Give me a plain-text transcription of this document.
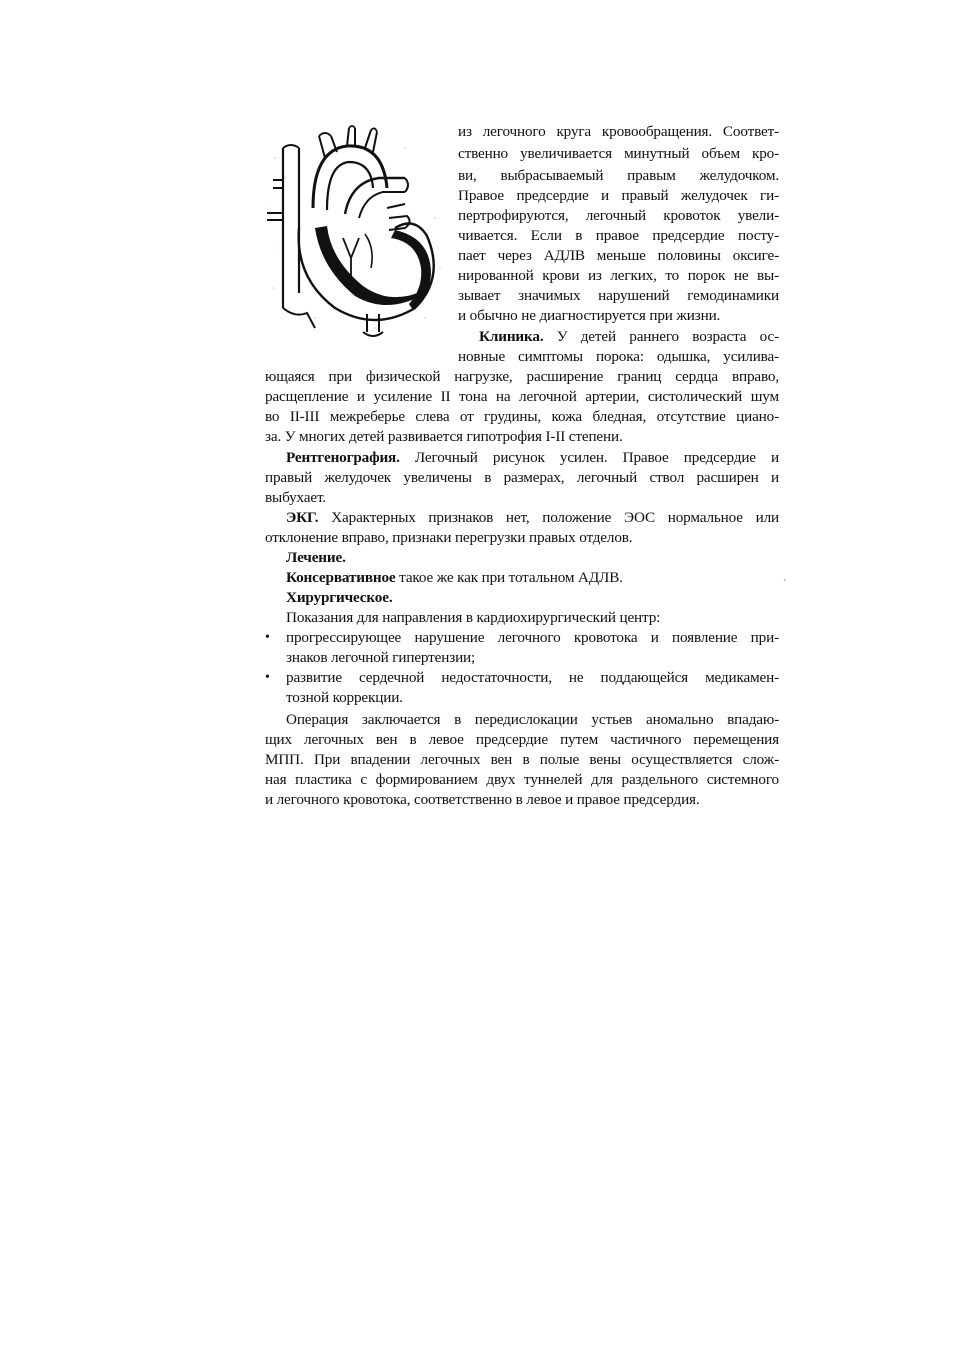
из легочного круга кровообращения. Соответ-
ственно увеличивается минутный объем кро-
ви, выбрасываемый правым желудочком.
Правое предсердие и правый желудочек ги-
пертрофируются, легочный кровоток увели-
чивается. Если в правое предсердие посту-
пает через АДЛВ меньше половины оксиге-
нированной крови из легких, то порок не вы-
зывает значимых нарушений гемодинамики
и обычно не диагностируется при жизни.
Клиника. У детей раннего возраста ос-
новные симптомы порока: одышка, усилива-
ющаяся при физической нагрузке, расширение границ сердца вправо,
расщепление и усиление II тона на легочной артерии, систолический шум
во II-III межреберье слева от грудины, кожа бледная, отсутствие циано-
за. У многих детей развивается гипотрофия I-II степени.
Рентгенография. Легочный рисунок усилен. Правое предсердие и
правый желудочек увеличены в размерах, легочный ствол расширен и
выбухает.
ЭКГ. Характерных признаков нет, положение ЭОС нормальное или
отклонение вправо, признаки перегрузки правых отделов.
Лечение.
Консервативное такое же как при тотальном АДЛВ.	`
Хирургическое.
Показания для направления в кардиохирургический центр:
• прогрессирующее нарушение легочного кровотока и появление при-
знаков легочной гипертензии;
• развитие сердечной недостаточности, не поддающейся медикамен-
тозной коррекции.
Операция заключается в передислокации устьев аномально впадаю-
щих легочных вен в левое предсердие путем частичного перемещения
МПП. При впадении легочных вен в полые вены осуществляется слож-
ная пластика с формированием двух туннелей для раздельного системного
и легочного кровотока, соответственно в левое и правое предсердия.
